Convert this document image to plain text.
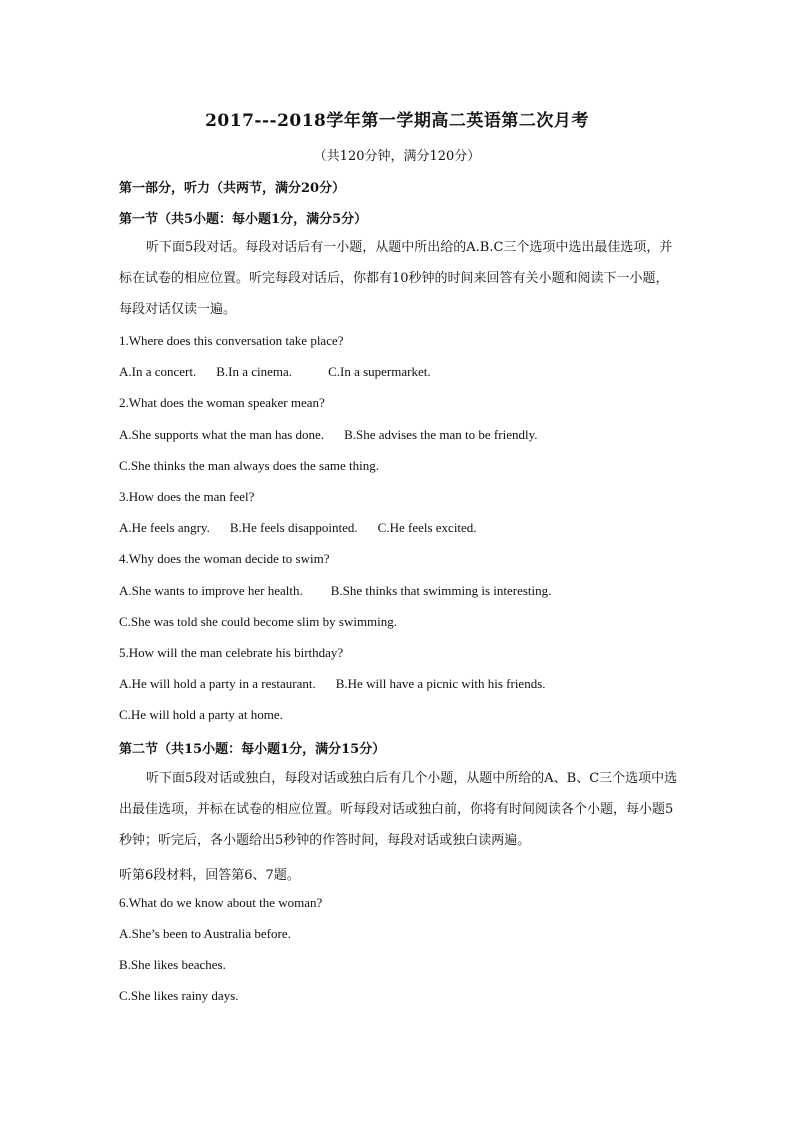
2017---2018学年第一学期高二英语第二次月考
（共120分钟，满分120分）
第一部分，听力（共两节，满分20分）
第一节（共5小题：每小题1分，满分5分）
听下面5段对话。每段对话后有一小题，从题中所出给的A.B.C三个选项中选出最佳选项，并标在试卷的相应位置。听完每段对话后，你都有10秒钟的时间来回答有关小题和阅读下一小题，每段对话仅读一遍。
1.Where does this conversation take place?
A.In a concert. B.In a cinema.	C.In a supermarket.
2.What does the woman speaker mean?
A.She supports what the man has done. B.She advises the man to be friendly.
C.She thinks the man always does the same thing.
3.How does the man feel?
A.He feels angry. B.He feels disappointed. C.He feels excited.
4.Why does the woman decide to swim?
A.She wants to improve her health. B.She thinks that swimming is interesting.
C.She was told she could become slim by swimming.
5.How will the man celebrate his birthday?
A.He will hold a party in a restaurant. B.He will have a picnic with his friends.
C.He will hold a party at home.
第二节（共15小题：每小题1分，满分15分）
听下面5段对话或独白，每段对话或独白后有几个小题，从题中所给的A、B、C三个选项中选出最佳选项，并标在试卷的相应位置。听每段对话或独白前，你将有时间阅读各个小题，每小题5秒钟；听完后，各小题给出5秒钟的作答时间，每段对话或独白读两遍。
听第6段材料，回答第6、7题。
6.What do we know about the woman?
A.She’s been to Australia before.
B.She likes beaches.
C.She likes rainy days.
